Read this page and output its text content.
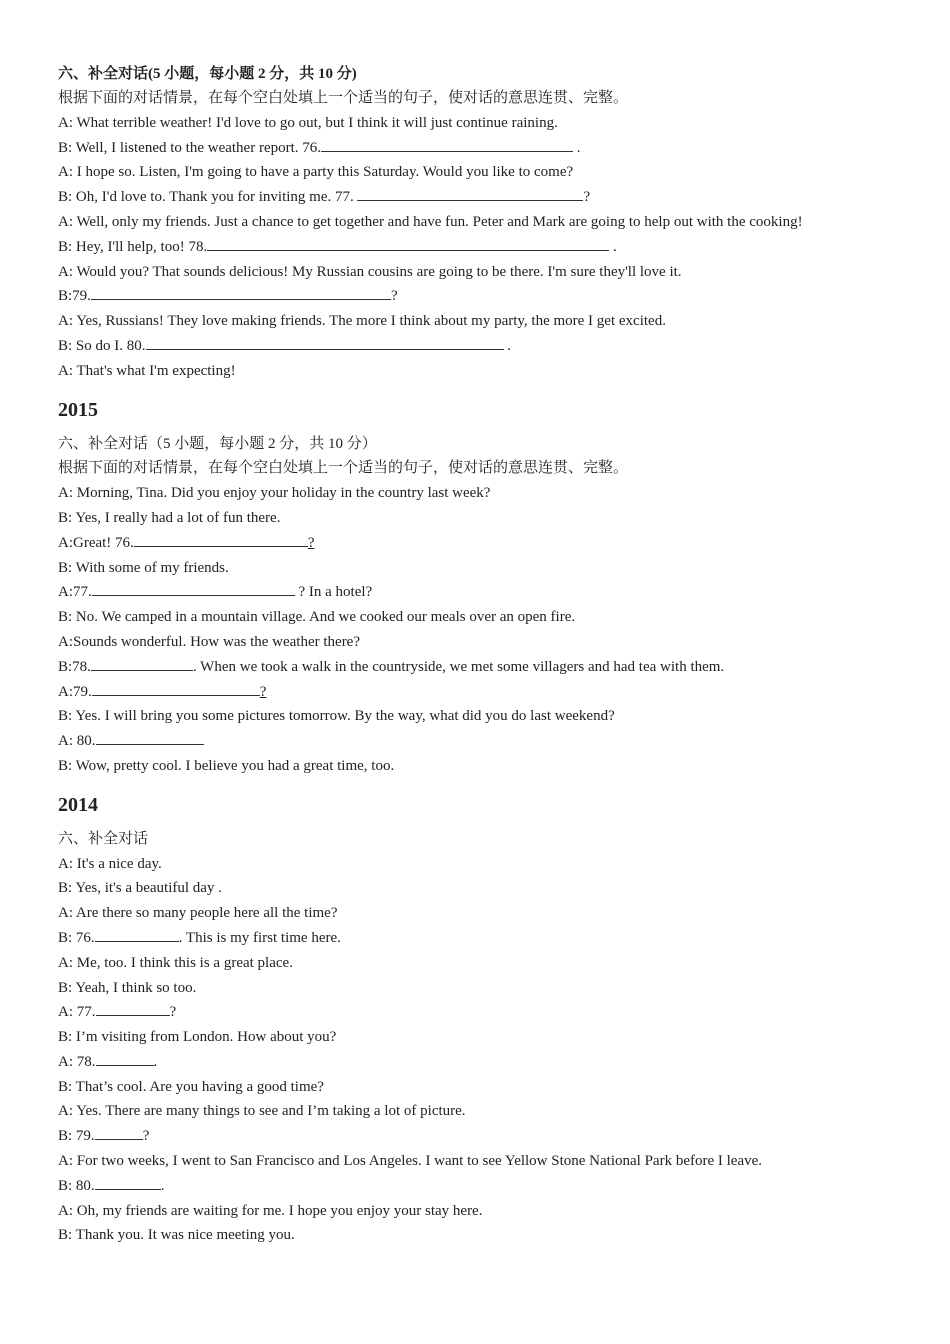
六、补全对话(5 小题，每小题 2 分，共 10 分)
根据下面的对话情景，在每个空白处填上一个适当的句子，使对话的意思连贯、完整。
A: What terrible weather! I'd love to go out, but I think it will just continue raining.
B: Well, I listened to the weather report. 76.	.
A: I hope so. Listen, I'm going to have a party this Saturday. Would you like to come?
B: Oh, I'd love to. Thank you for inviting me. 77.	?
A: Well, only my friends. Just a chance to get together and have fun. Peter and Mark are going to help out with the cooking!
B: Hey, I'll help, too! 78.	.
A: Would you? That sounds delicious! My Russian cousins are going to be there. I'm sure they'll love it.
B:79.	?
A: Yes, Russians! They love making friends. The more I think about my party, the more I get excited.
B: So do I. 80.	.
A: That's what I'm expecting!
2015
六、补全对话（5 小题，每小题 2 分，共 10 分）
根据下面的对话情景，在每个空白处填上一个适当的句子，使对话的意思连贯、完整。
A: Morning, Tina. Did you enjoy your holiday in the country last week?
B: Yes, I really had a lot of fun there.
A:Great! 76.	?
B: With some of my friends.
A:77.	? In a hotel?
B: No. We camped in a mountain village. And we cooked our meals over an open fire.
A:Sounds wonderful. How was the weather there?
B:78.	. When we took a walk in the countryside, we met some villagers and had tea with them.
A:79.	?
B: Yes. I will bring you some pictures tomorrow. By the way, what did you do last weekend?
A: 80.
B: Wow, pretty cool. I believe you had a great time, too.
2014
六、补全对话
A: It's a nice day.
B: Yes, it's a beautiful day .
A: Are there so many people here all the time?
B: 76.	. This is my first time here.
A: Me, too. I think this is a great place.
B: Yeah, I think so too.
A: 77.	?
B: I’m visiting from London. How about you?
A: 78.	.
B: That’s cool. Are you having a good time?
A: Yes. There are many things to see and I’m taking a lot of picture.
B: 79.	?
A: For two weeks, I went to San Francisco and Los Angeles. I want to see Yellow Stone National Park before I leave.
B: 80.	.
A: Oh, my friends are waiting for me. I hope you enjoy your stay here.
B: Thank you. It was nice meeting you.
